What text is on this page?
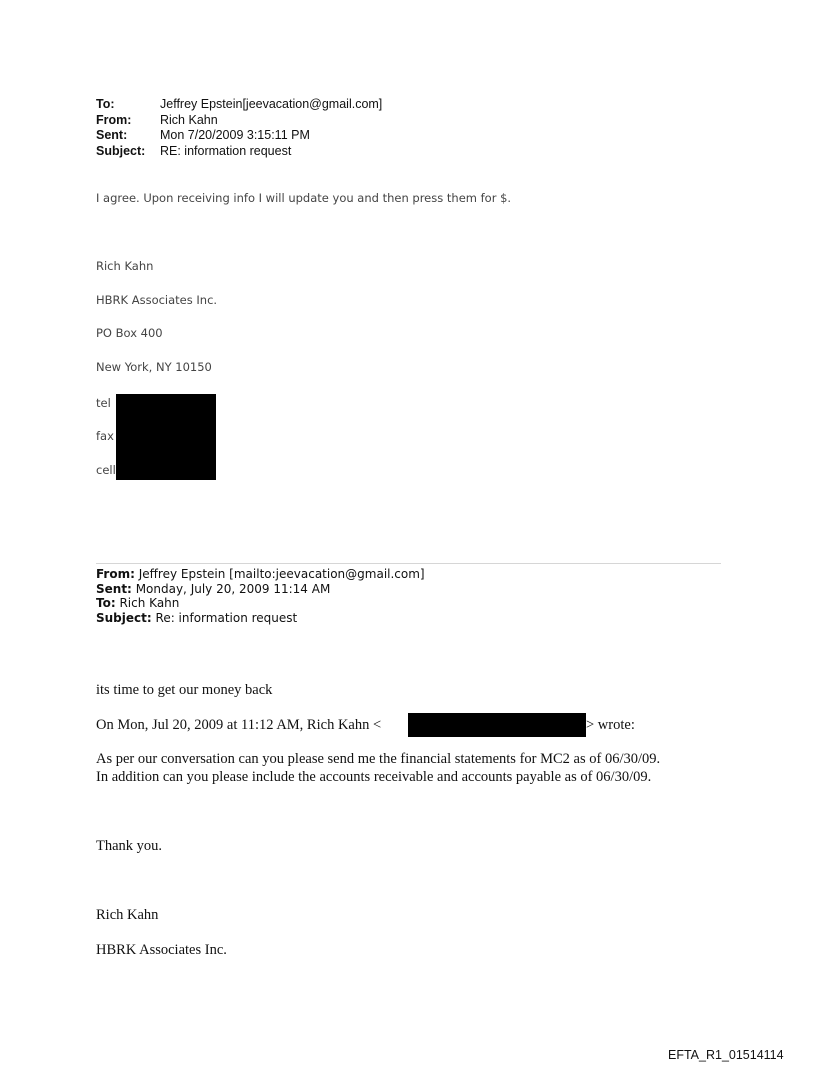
To:	Jeffrey Epstein[jeevacation@gmail.com]
From:	Rich Kahn
Sent:	Mon 7/20/2009 3:15:11 PM
Subject:	RE: information request
I agree. Upon receiving info I will update you and then press them for $.
Rich Kahn
HBRK Associates Inc.
PO Box 400
New York, NY 10150
tel
fax
cell
From: Jeffrey Epstein [mailto:jeevacation@gmail.com]
Sent: Monday, July 20, 2009 11:14 AM
To: Rich Kahn
Subject: Re: information request
its time to get our money back
On Mon, Jul 20, 2009 at 11:12 AM, Rich Kahn <	> wrote:
As per our conversation can you please send me the financial statements for MC2 as of 06/30/09.
In addition can you please include the accounts receivable and accounts payable as of 06/30/09.
Thank you.
Rich Kahn
HBRK Associates Inc.
EFTA_R1_01514114
